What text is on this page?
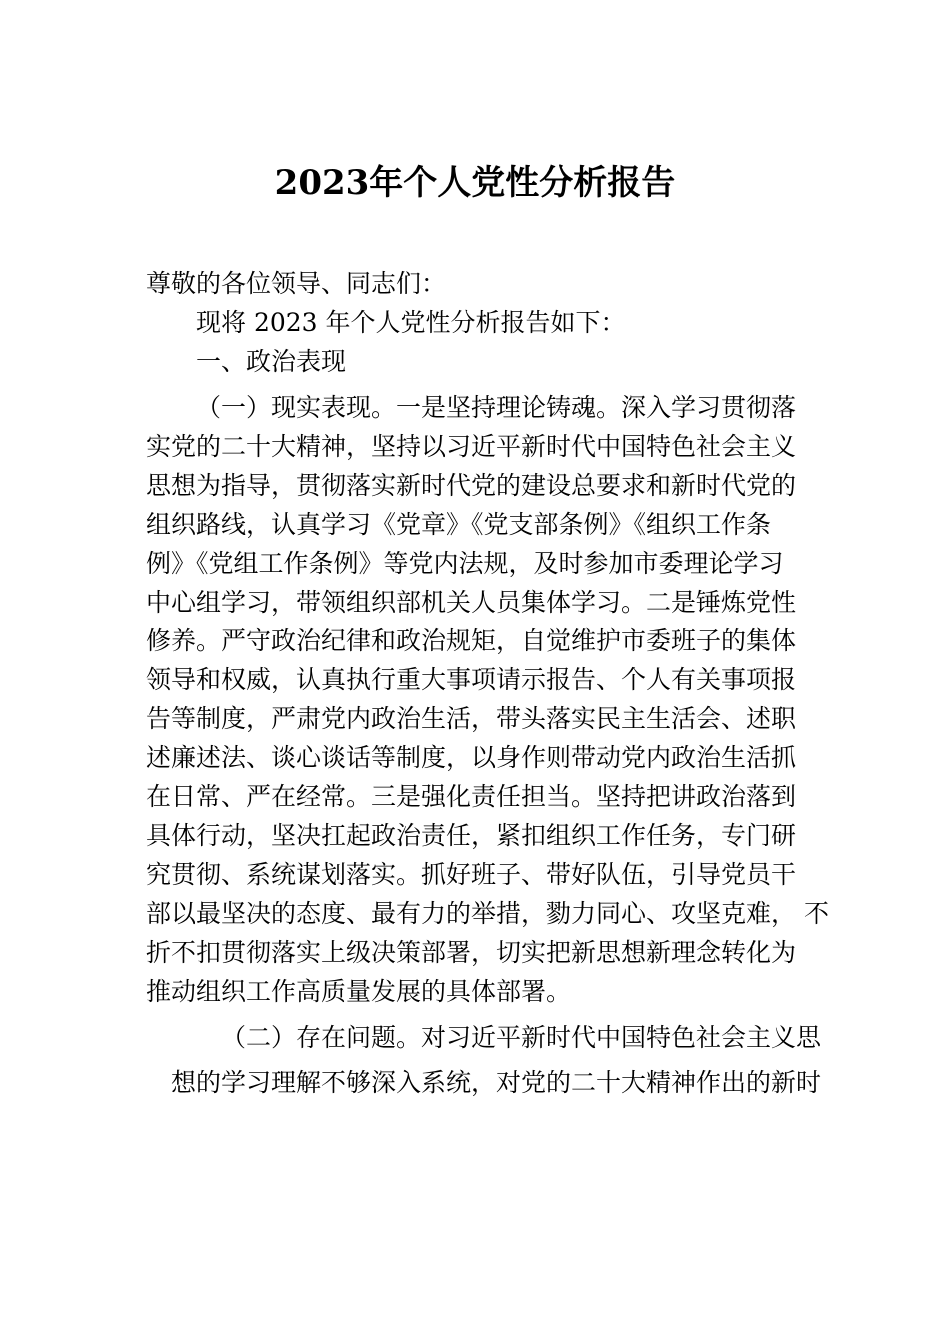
2023年个人党性分析报告
尊敬的各位领导、同志们：
现将 2023 年个人党性分析报告如下：
一、政治表现
（一）现实表现。一是坚持理论铸魂。深入学习贯彻落
实党的二十大精神，坚持以习近平新时代中国特色社会主义
思想为指导，贯彻落实新时代党的建设总要求和新时代党的
组织路线，认真学习《党章》《党支部条例》《组织工作条
例》《党组工作条例》等党内法规，及时参加市委理论学习
中心组学习，带领组织部机关人员集体学习。二是锤炼党性
修养。严守政治纪律和政治规矩，自觉维护市委班子的集体
领导和权威，认真执行重大事项请示报告、个人有关事项报
告等制度，严肃党内政治生活，带头落实民主生活会、述职
述廉述法、谈心谈话等制度，以身作则带动党内政治生活抓
在日常、严在经常。三是强化责任担当。坚持把讲政治落到
具体行动，坚决扛起政治责任，紧扣组织工作任务，专门研
究贯彻、系统谋划落实。抓好班子、带好队伍，引导党员干
部以最坚决的态度、最有力的举措，勠力同心、攻坚克难， 不
折不扣贯彻落实上级决策部署，切实把新思想新理念转化为
推动组织工作高质量发展的具体部署。
（二）存在问题。对习近平新时代中国特色社会主义思
想的学习理解不够深入系统，对党的二十大精神作出的新时
